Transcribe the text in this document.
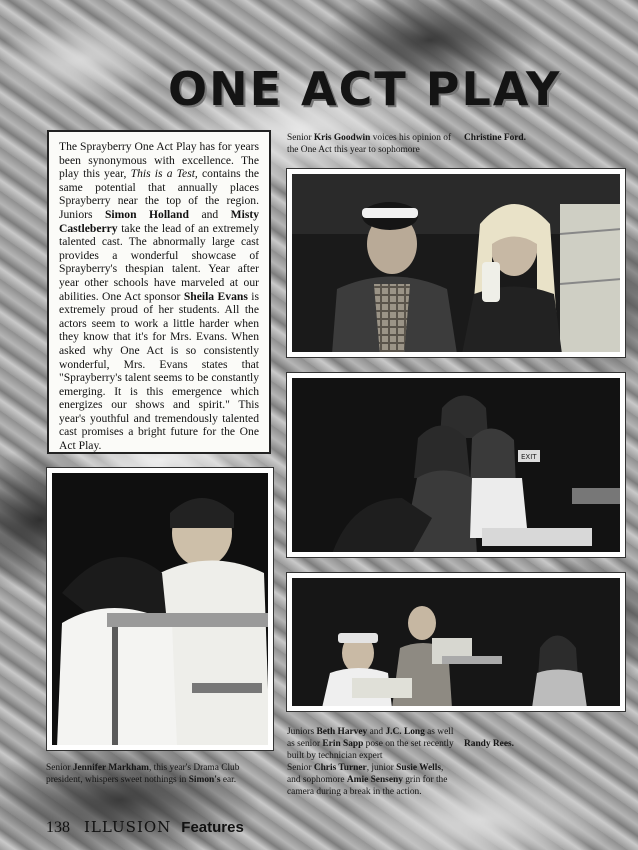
ONE ACT PLAY
The Sprayberry One Act Play has for years been synonymous with excellence. The play this year, This is a Test, contains the same potential that annually places Sprayberry near the top of the region. Juniors Simon Holland and Misty Castleberry take the lead of an extremely talented cast. The abnormally large cast provides a wonderful showcase of Sprayberry's thespian talent. Year after year other schools have marveled at our abilities. One Act sponsor Sheila Evans is extremely proud of her students. All the actors seem to work a little harder when they know that it's for Mrs. Evans. When asked why One Act is so consistently wonderful, Mrs. Evans states that "Sprayberry's talent seems to be constantly emerging. It is this emergence which energizes our shows and spirit." This year's youthful and tremendously talented cast promises a bright future for the One Act Play.
Senior Kris Goodwin voices his opinion of the One Act this year to sophomore
Christine Ford.
EXIT
Juniors Beth Harvey and J.C. Long as well as senior Erin Sapp pose on the set recently built by technician expert
Randy Rees.
Senior Jennifer Markham, this year's Drama Club president, whispers sweet nothings in Simon's ear.
Senior Chris Turner, junior Susie Wells, and sophomore Amie Senseny grin for the camera during a break in the action.
138 ILLUSION Features
